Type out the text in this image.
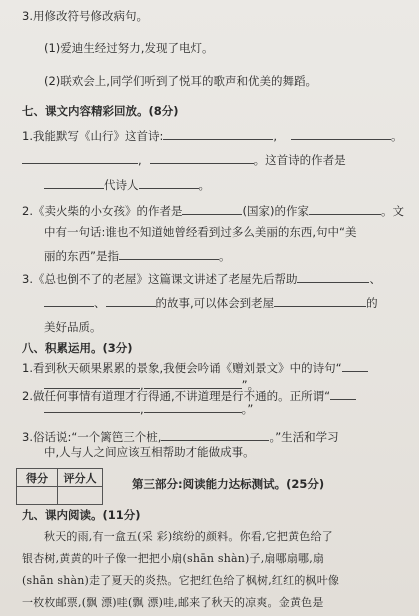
3.用修改符号修改病句。
(1)爱迪生经过努力,发现了电灯。
(2)联欢会上,同学们听到了悦耳的歌声和优美的舞蹈。
七、课文内容精彩回放。(8分)
1.我能默写《山行》这首诗:	,	。
,	。这首诗的作者是
代诗人	。
2.《卖火柴的小女孩》的作者是	(国家)的作家	。文
中有一句话:谁也不知道她曾经看到过多么美丽的东西,句中“美
丽的东西”是指	。
3.《总也倒不了的老屋》这篇课文讲述了老屋先后帮助	、
、	的故事,可以体会到老屋	的
美好品质。
八、积累运用。(3分)
1.看到秋天硕果累累的景象,我便会吟诵《赠刘景文》中的诗句“
,	”。
2.做任何事情有道理才行得通,不讲道理是行不通的。正所谓“
,	。”
3.俗话说:“一个篱笆三个桩,	。”生活和学习
中,人与人之间应该互相帮助才能做成事。
得分	评分人
		第三部分:阅读能力达标测试。(25分)
九、课内阅读。(11分)
秋天的雨,有一盒五(采 彩)缤纷的颜料。你看,它把黄色给了
银杏树,黄黄的叶子像一把把小扇(shān shàn)子,扇哪扇哪,扇
(shān shàn)走了夏天的炎热。它把红色给了枫树,红红的枫叶像
一枚枚邮票,(飘 漂)哇(飘 漂)哇,邮来了秋天的凉爽。金黄色是
